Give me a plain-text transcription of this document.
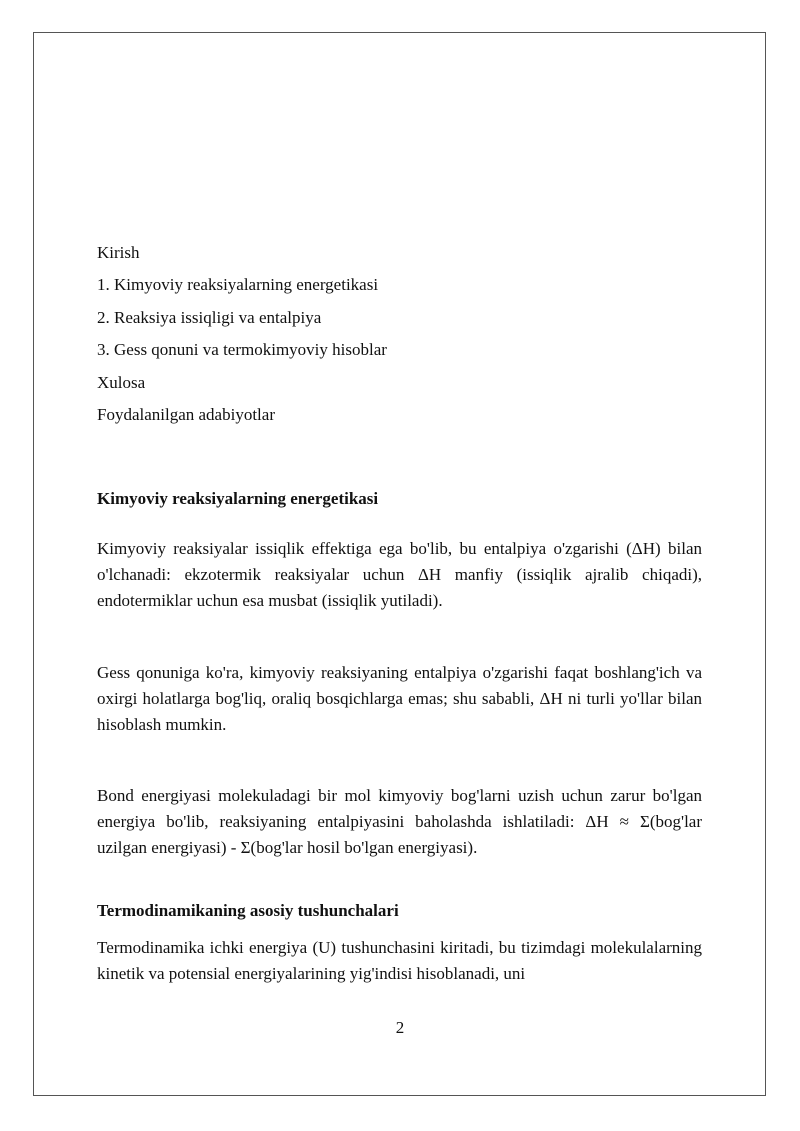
Kirish
1. Kimyoviy reaksiyalarning energetikasi
2. Reaksiya issiqligi va entalpiya
3. Gess qonuni va termokimyoviy hisoblar
Xulosa
Foydalanilgan adabiyotlar
Kimyoviy reaksiyalarning energetikasi

Kimyoviy reaksiyalar issiqlik effektiga ega bo'lib, bu entalpiya o'zgarishi (ΔH) bilan o'lchanadi: ekzotermik reaksiyalar uchun ΔH manfiy (issiqlik ajralib chiqadi), endotermiklar uchun esa musbat (issiqlik yutiladi).

Gess qonuniga ko'ra, kimyoviy reaksiyaning entalpiya o'zgarishi faqat boshlang'ich va oxirgi holatlarga bog'liq, oraliq bosqichlarga emas; shu sababli, ΔH ni turli yo'llar bilan hisoblash mumkin.

Bond energiyasi molekuladagi bir mol kimyoviy bog'larni uzish uchun zarur bo'lgan energiya bo'lib, reaksiyaning entalpiyasini baholashda ishlatiladi: ΔH ≈ Σ(bog'lar uzilgan energiyasi) - Σ(bog'lar hosil bo'lgan energiyasi).

Termodinamikaning asosiy tushunchalari

Termodinamika ichki energiya (U) tushunchasini kiritadi, bu tizimdagi molekulalarning kinetik va potensial energiyalarining yig'indisi hisoblanadi, uni

2
